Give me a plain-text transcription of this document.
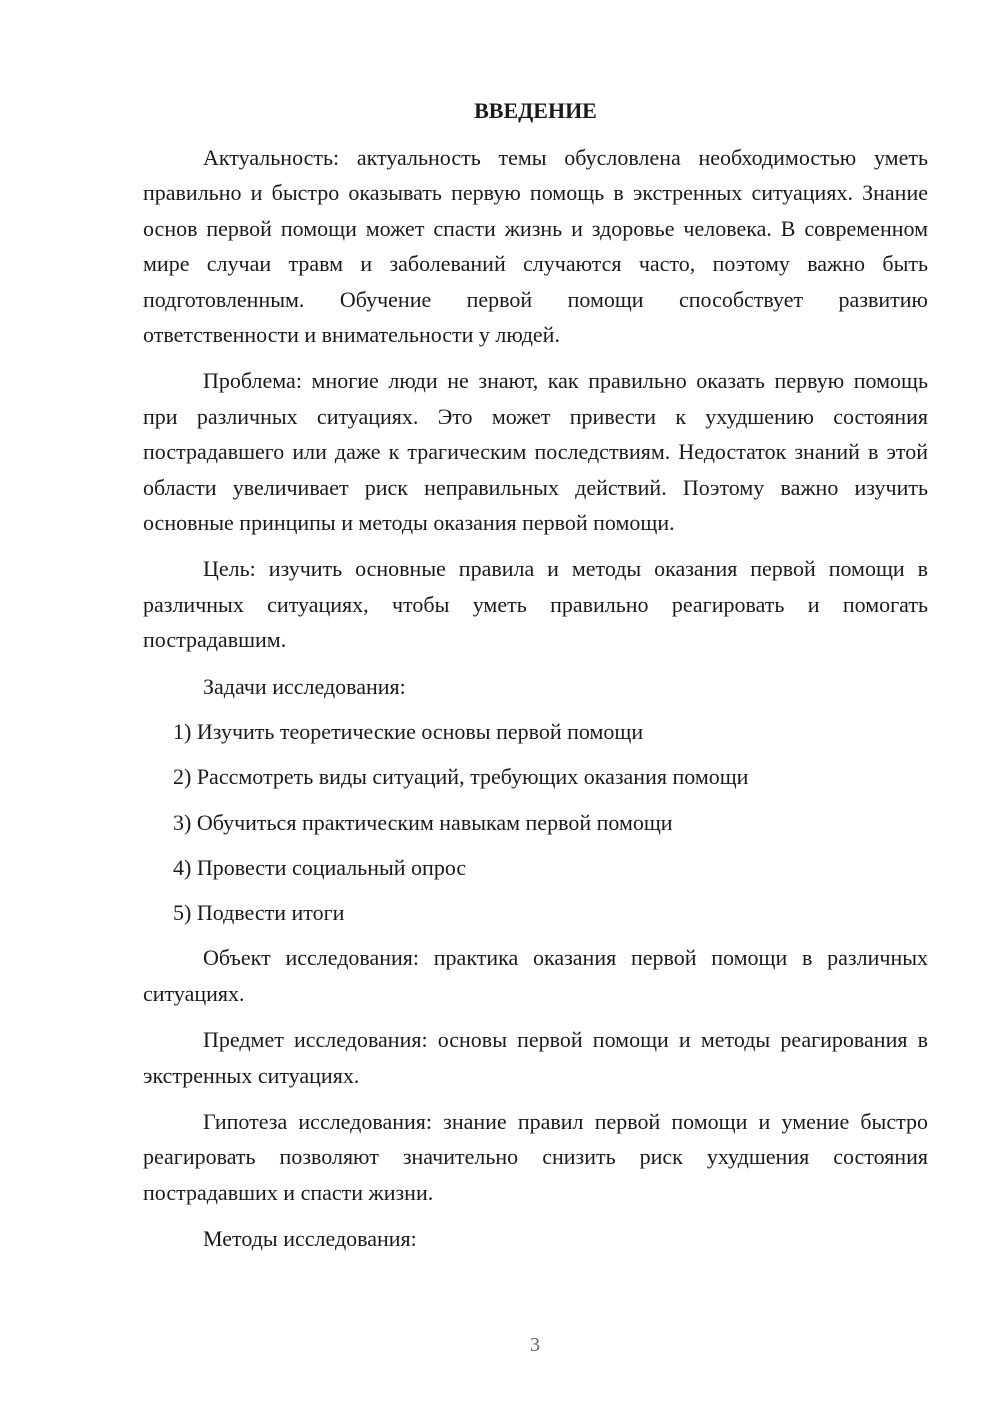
ВВЕДЕНИЕ

Актуальность: актуальность темы обусловлена необходимостью уметь правильно и быстро оказывать первую помощь в экстренных ситуациях. Знание основ первой помощи может спасти жизнь и здоровье человека. В современном мире случаи травм и заболеваний случаются часто, поэтому важно быть подготовленным. Обучение первой помощи способствует развитию ответственности и внимательности у людей.

Проблема: многие люди не знают, как правильно оказать первую помощь при различных ситуациях. Это может привести к ухудшению состояния пострадавшего или даже к трагическим последствиям. Недостаток знаний в этой области увеличивает риск неправильных действий. Поэтому важно изучить основные принципы и методы оказания первой помощи.

Цель: изучить основные правила и методы оказания первой помощи в различных ситуациях, чтобы уметь правильно реагировать и помогать пострадавшим.

Задачи исследования:

1) Изучить теоретические основы первой помощи
2) Рассмотреть виды ситуаций, требующих оказания помощи
3) Обучиться практическим навыкам первой помощи
4) Провести социальный опрос
5) Подвести итоги

Объект исследования: практика оказания первой помощи в различных ситуациях.

Предмет исследования: основы первой помощи и методы реагирования в экстренных ситуациях.

Гипотеза исследования: знание правил первой помощи и умение быстро реагировать позволяют значительно снизить риск ухудшения состояния пострадавших и спасти жизни.

Методы исследования:

3
